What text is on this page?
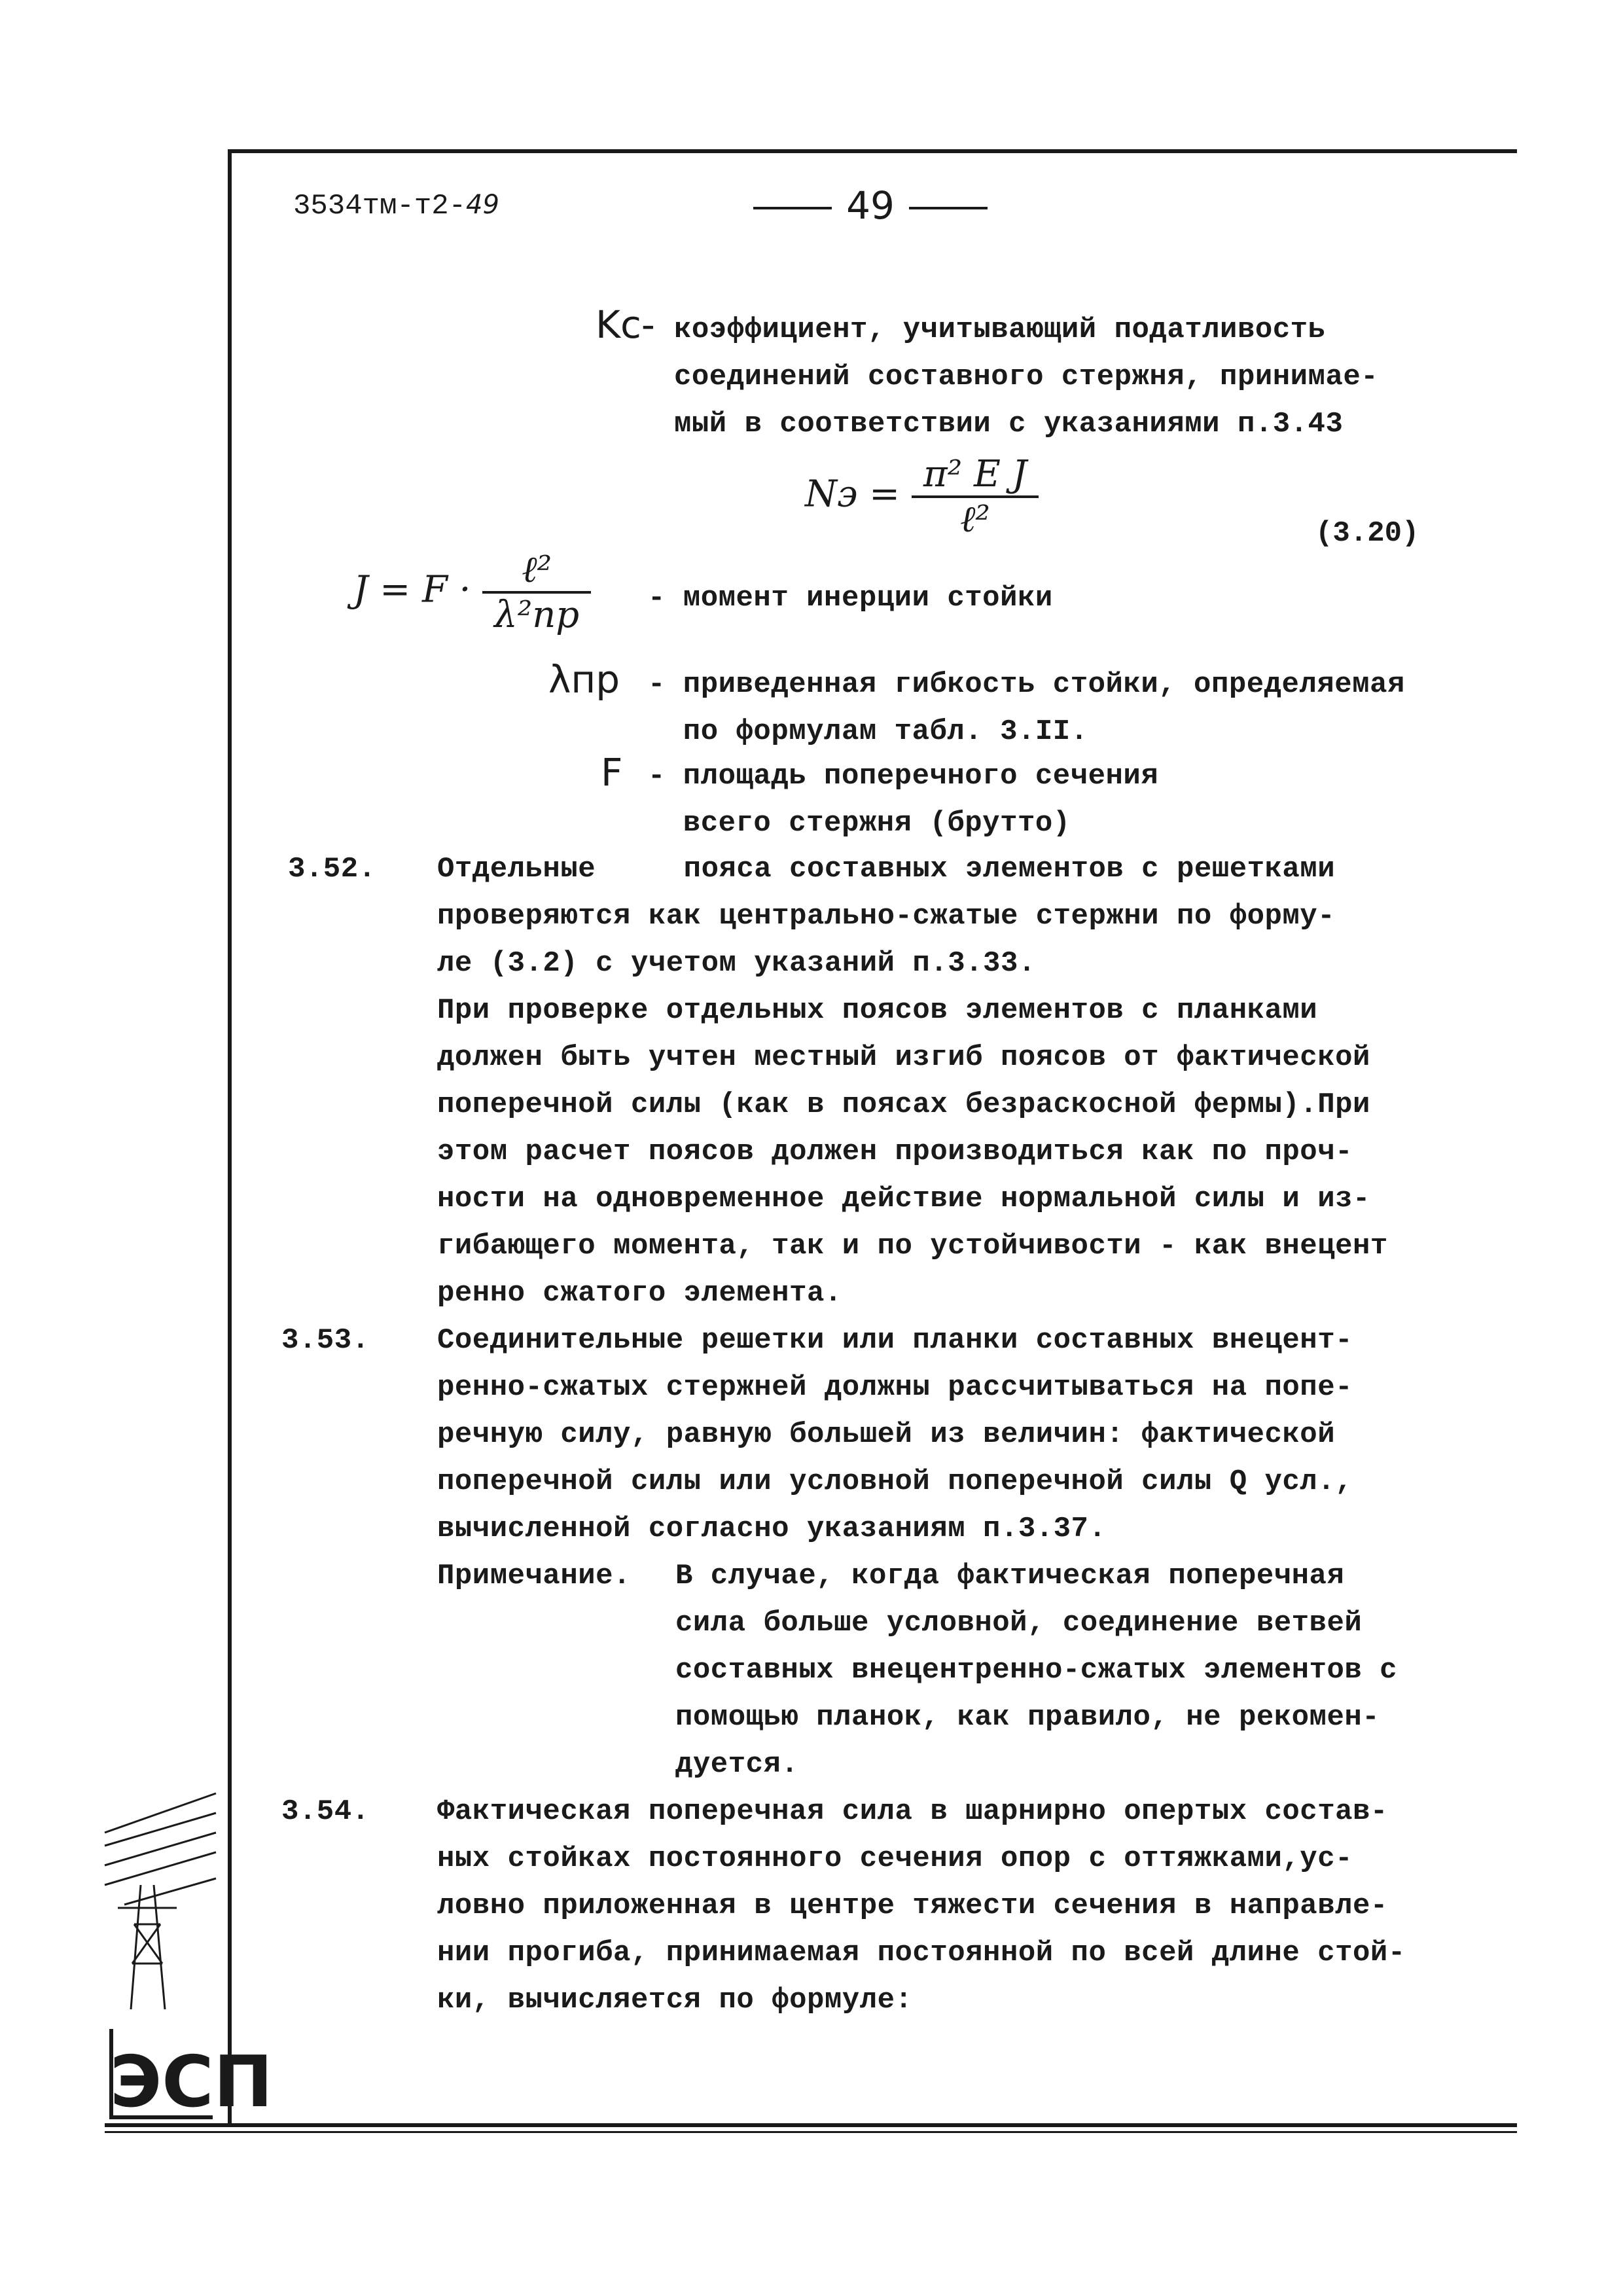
3534тм-т2-49	49
Kc- коэффициент, учитывающий податливость
соединений составного стержня, принимае-
мый в соответствии с указаниями п.3.43
Nэ = $\frac{\text{π² E J}}{\text{ℓ²}}$	(3.20)
$J = F \cdot \frac{\text{ℓ²}}{\text{λ²пр}}$ - момент инерции стойки
λпр - приведенная гибкость стойки, определяемая
по формулам табл. 3.II.
F - площадь поперечного сечения
всего стержня (брутто)
3.52. Отдельные     пояса составных элементов с решетками
проверяются как центрально-сжатые стержни по форму-
ле (3.2) с учетом указаний п.3.33.
При проверке отдельных поясов элементов с планками
должен быть учтен местный изгиб поясов от фактической
поперечной силы (как в поясах безраскосной фермы).При
этом расчет поясов должен производиться как по проч-
ности на одновременное действие нормальной силы и из-
гибающего момента, так и по устойчивости - как внецент
ренно сжатого элемента.
3.53. Соединительные решетки или планки составных внецент-
ренно-сжатых стержней должны рассчитываться на попе-
речную силу, равную большей из величин: фактической
поперечной силы или условной поперечной силы Q усл.,
вычисленной согласно указаниям п.3.37.
Примечание. В случае, когда фактическая поперечная
сила больше условной, соединение ветвей
составных внецентренно-сжатых элементов с
помощью планок, как правило, не рекомен-
дуется.
3.54. Фактическая поперечная сила в шарнирно опертых состав-
ных стойках постоянного сечения опор с оттяжками,ус-
ловно приложенная в центре тяжести сечения в направле-
нии прогиба, принимаемая постоянной по всей длине стой-
ки, вычисляется по формуле:
ЭСП
